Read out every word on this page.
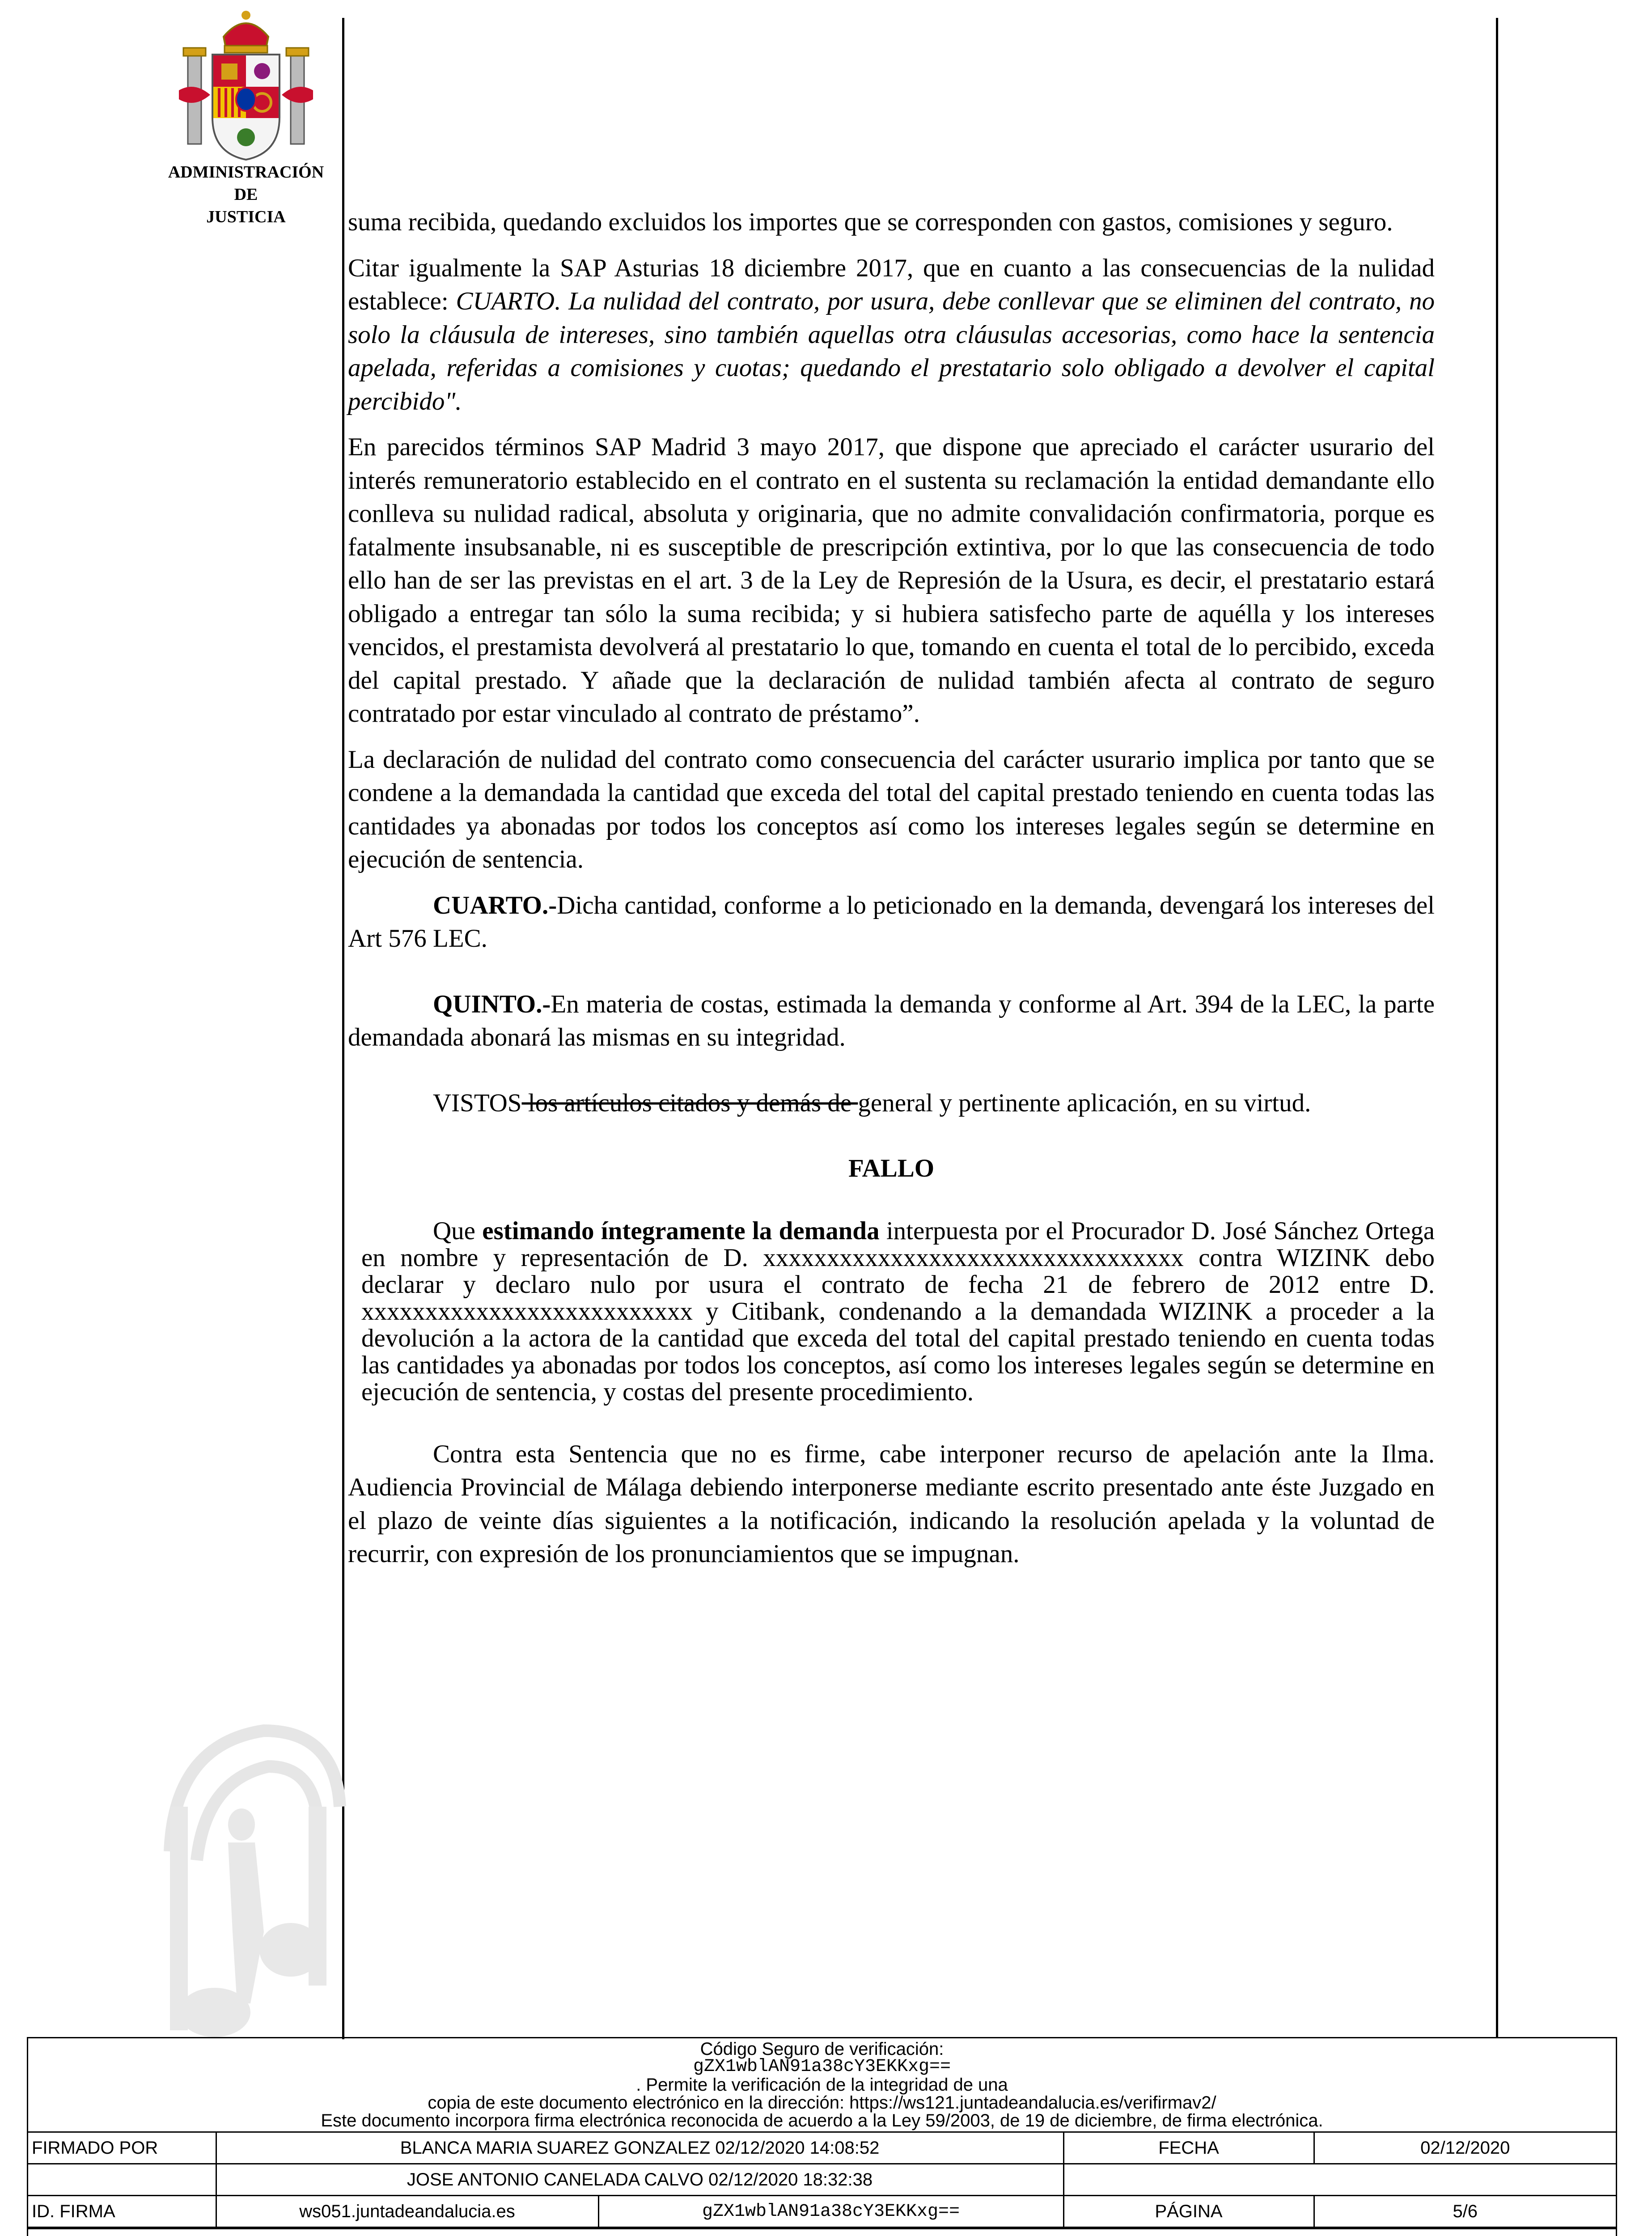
ADMINISTRACIÓN
DE
JUSTICIA	suma recibida, quedando excluidos los importes que se corresponden con gastos, comisiones y seguro.

Citar igualmente la SAP Asturias 18 diciembre 2017, que en cuanto a las consecuencias de la nulidad establece: CUARTO. La nulidad del contrato, por usura, debe conllevar que se eliminen del contrato, no solo la cláusula de intereses, sino también aquellas otra cláusulas accesorias, como hace la sentencia apelada, referidas a comisiones y cuotas; quedando el prestatario solo obligado a devolver el capital percibido".

En parecidos términos SAP Madrid 3 mayo 2017, que dispone que apreciado el carácter usurario del interés remuneratorio establecido en el contrato en el sustenta su reclamación la entidad demandante ello conlleva su nulidad radical, absoluta y originaria, que no admite convalidación confirmatoria, porque es fatalmente insubsanable, ni es susceptible de prescripción extintiva, por lo que las consecuencia de todo ello han de ser las previstas en el art. 3 de la Ley de Represión de la Usura, es decir, el prestatario estará obligado a entregar tan sólo la suma recibida; y si hubiera satisfecho parte de aquélla y los intereses vencidos, el prestamista devolverá al prestatario lo que, tomando en cuenta el total de lo percibido, exceda del capital prestado. Y añade que la declaración de nulidad también afecta al contrato de seguro contratado por estar vinculado al contrato de préstamo”.

La declaración de nulidad del contrato como consecuencia del carácter usurario implica por tanto que se condene a la demandada la cantidad que exceda del total del capital prestado teniendo en cuenta todas las cantidades ya abonadas por todos los conceptos así como los intereses legales según se determine en ejecución de sentencia.

CUARTO.-Dicha cantidad, conforme a lo peticionado en la demanda, devengará los intereses del Art 576 LEC.

QUINTO.-En materia de costas, estimada la demanda y conforme al Art. 394 de la LEC, la parte demandada abonará las mismas en su integridad.

VISTOS los artículos citados y demás de general y pertinente aplicación, en su virtud.

FALLO

Que estimando íntegramente la demanda interpuesta por el Procurador D. José Sánchez Ortega en nombre y representación de D. xxxxxxxxxxxxxxxxxxxxxxxxxxxxxxxxx contra WIZINK debo declarar y declaro nulo por usura el contrato de fecha 21 de febrero de 2012 entre D. xxxxxxxxxxxxxxxxxxxxxxxxxx y Citibank, condenando a la demandada WIZINK a proceder a la devolución a la actora de la cantidad que exceda del total del capital prestado teniendo en cuenta todas las cantidades ya abonadas por todos los conceptos, así como los intereses legales según se determine en ejecución de sentencia, y costas del presente procedimiento.

Contra esta Sentencia que no es firme, cabe interponer recurso de apelación ante la Ilma. Audiencia Provincial de Málaga debiendo interponerse mediante escrito presentado ante éste Juzgado en el plazo de veinte días siguientes a la notificación, indicando la resolución apelada y la voluntad de recurrir, con expresión de los pronunciamientos que se impugnan.

Código Seguro de verificación:
gZX1wblAN91a38cY3EKKxg==
. Permite la verificación de la integridad de una
copia de este documento electrónico en la dirección: https://ws121.juntadeandalucia.es/verifirmav2/
Este documento incorpora firma electrónica reconocida de acuerdo a la Ley 59/2003, de 19 de diciembre, de firma electrónica.
FIRMADO POR	BLANCA MARIA SUAREZ GONZALEZ 02/12/2020 14:08:52		FECHA	02/12/2020
	JOSE ANTONIO CANELADA CALVO 02/12/2020 18:32:38			
ID. FIRMA	ws051.juntadeandalucia.es	gZX1wblAN91a38cY3EKKxg==	PÁGINA	5/6
